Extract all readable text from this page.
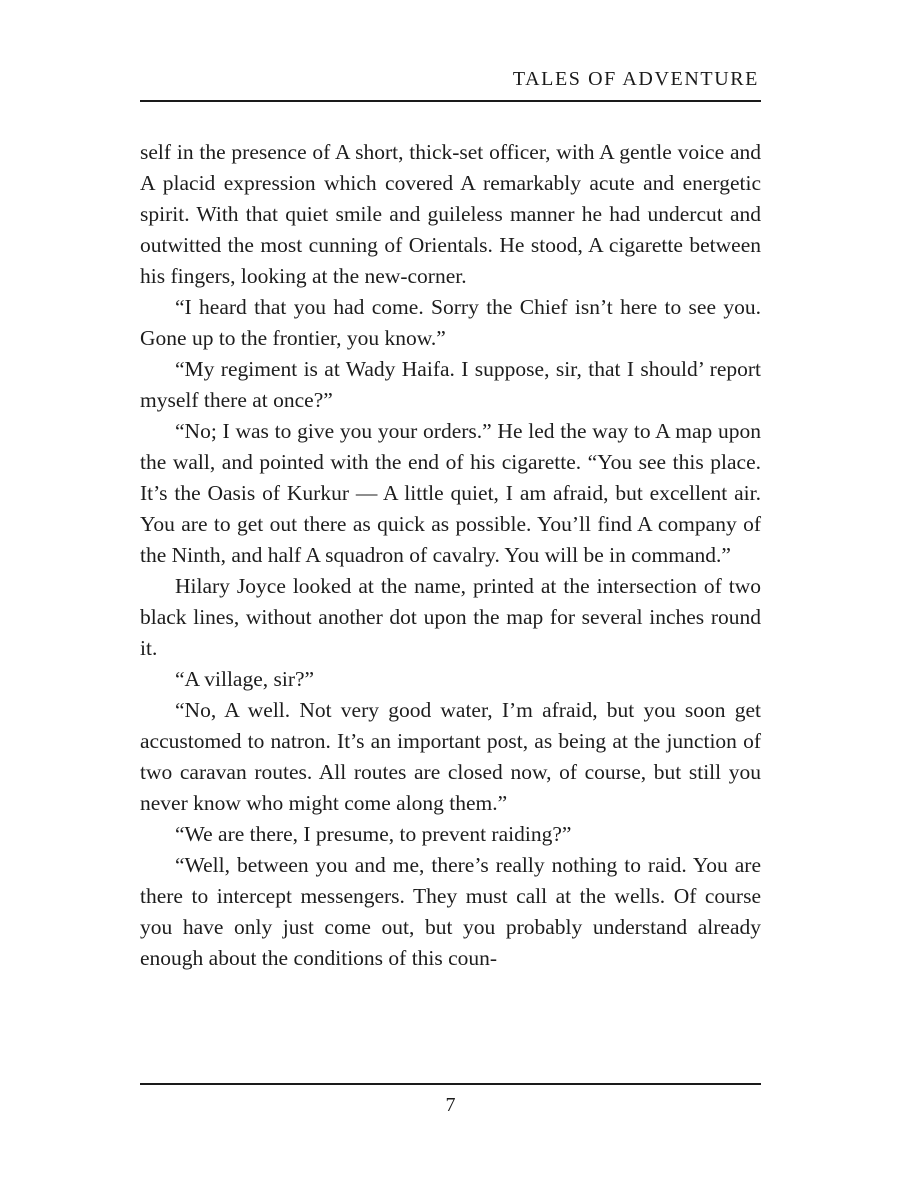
TALES OF ADVENTURE

self in the presence of A short, thick-set officer, with A gentle voice and A placid expression which covered A remarkably acute and energetic spirit. With that quiet smile and guileless manner he had undercut and outwitted the most cunning of Orientals. He stood, A cigarette between his fingers, looking at the new-corner.

“I heard that you had come. Sorry the Chief isn’t here to see you. Gone up to the frontier, you know.”

“My regiment is at Wady Haifa. I suppose, sir, that I should’ report myself there at once?”

“No; I was to give you your orders.” He led the way to A map upon the wall, and pointed with the end of his cigarette. “You see this place. It’s the Oasis of Kurkur — A little quiet, I am afraid, but excellent air. You are to get out there as quick as possible. You’ll find A company of the Ninth, and half A squadron of cavalry. You will be in command.”

Hilary Joyce looked at the name, printed at the intersection of two black lines, without another dot upon the map for several inches round it.

“A village, sir?”

“No, A well. Not very good water, I’m afraid, but you soon get accustomed to natron. It’s an important post, as being at the junction of two caravan routes. All routes are closed now, of course, but still you never know who might come along them.”

“We are there, I presume, to prevent raiding?”

“Well, between you and me, there’s really nothing to raid. You are there to intercept messengers. They must call at the wells. Of course you have only just come out, but you probably understand already enough about the conditions of this coun-

7
